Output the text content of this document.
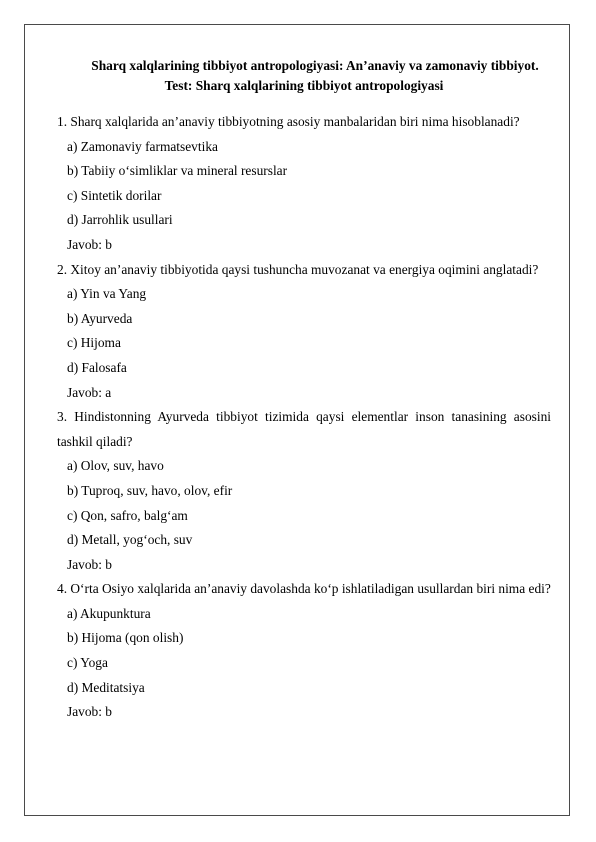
Sharq xalqlarining tibbiyot antropologiyasi: An’anaviy va zamonaviy tibbiyot.
Test: Sharq xalqlarining tibbiyot antropologiyasi
1. Sharq xalqlarida an’anaviy tibbiyotning asosiy manbalaridan biri nima hisoblanadi?
a) Zamonaviy farmatsevtika
b) Tabiiy o‘simliklar va mineral resurslar
c) Sintetik dorilar
d) Jarrohlik usullari
Javob: b
2. Xitoy an’anaviy tibbiyotida qaysi tushuncha muvozanat va energiya oqimini anglatadi?
a) Yin va Yang
b) Ayurveda
c) Hijoma
d) Falosafa
Javob: a
3. Hindistonning Ayurveda tibbiyot tizimida qaysi elementlar inson tanasining asosini tashkil qiladi?
a) Olov, suv, havo
b) Tuproq, suv, havo, olov, efir
c) Qon, safro, balg‘am
d) Metall, yog‘och, suv
Javob: b
4. O‘rta Osiyo xalqlarida an’anaviy davolashda ko‘p ishlatiladigan usullardan biri nima edi?
a) Akupunktura
b) Hijoma (qon olish)
c) Yoga
d) Meditatsiya
Javob: b
